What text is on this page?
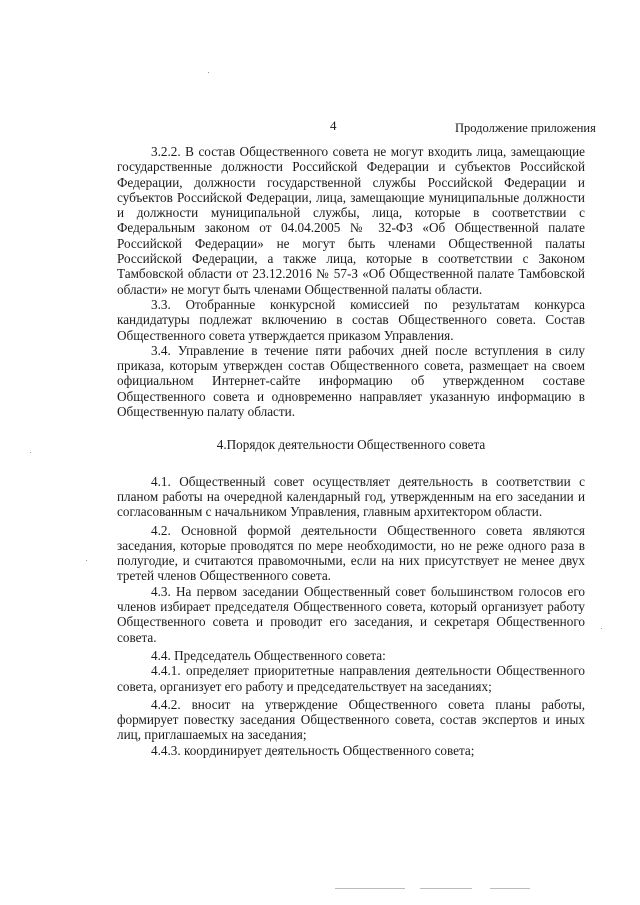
4	Продолжение приложения

3.2.2. В состав Общественного совета не могут входить лица, замещающие государственные должности Российской Федерации и субъектов Российской Федерации, должности государственной службы Российской Федерации и субъектов Российской Федерации, лица, замещающие муниципальные должности и должности муниципальной службы, лица, которые в соответствии с Федеральным законом от 04.04.2005 № 32-ФЗ «Об Общественной палате Российской Федерации» не могут быть членами Общественной палаты Российской Федерации, а также лица, которые в соответствии с Законом Тамбовской области от 23.12.2016 № 57-З «Об Общественной палате Тамбовской области» не могут быть членами Общественной палаты области.

3.3. Отобранные конкурсной комиссией по результатам конкурса кандидатуры подлежат включению в состав Общественного совета. Состав Общественного совета утверждается приказом Управления.

3.4. Управление в течение пяти рабочих дней после вступления в силу приказа, которым утвержден состав Общественного совета, размещает на своем официальном Интернет-сайте информацию об утвержденном составе Общественного совета и одновременно направляет указанную информацию в Общественную палату области.

4.Порядок деятельности Общественного совета

4.1. Общественный совет осуществляет деятельность в соответствии с планом работы на очередной календарный год, утвержденным на его заседании и согласованным с начальником Управления, главным архитектором области.

4.2. Основной формой деятельности Общественного совета являются заседания, которые проводятся по мере необходимости, но не реже одного раза в полугодие, и считаются правомочными, если на них присутствует не менее двух третей членов Общественного совета.

4.3. На первом заседании Общественный совет большинством голосов его членов избирает председателя Общественного совета, который организует работу Общественного совета и проводит его заседания, и секретаря Общественного совета.

4.4. Председатель Общественного совета:

4.4.1. определяет приоритетные направления деятельности Общественного совета, организует его работу и председательствует на заседаниях;

4.4.2. вносит на утверждение Общественного совета планы работы, формирует повестку заседания Общественного совета, состав экспертов и иных лиц, приглашаемых на заседания;

4.4.3. координирует деятельность Общественного совета;
